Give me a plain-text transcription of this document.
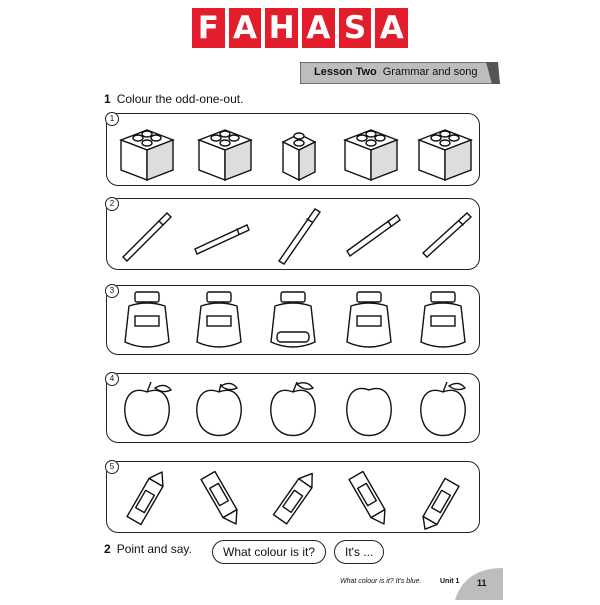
F A H A S A
Lesson Two Grammar and song
1 Colour the odd-one-out.
1
2
3
4
5
2 Point and say.	What colour is it?	It's ...
What colour is it? It's blue.	Unit 1 11
